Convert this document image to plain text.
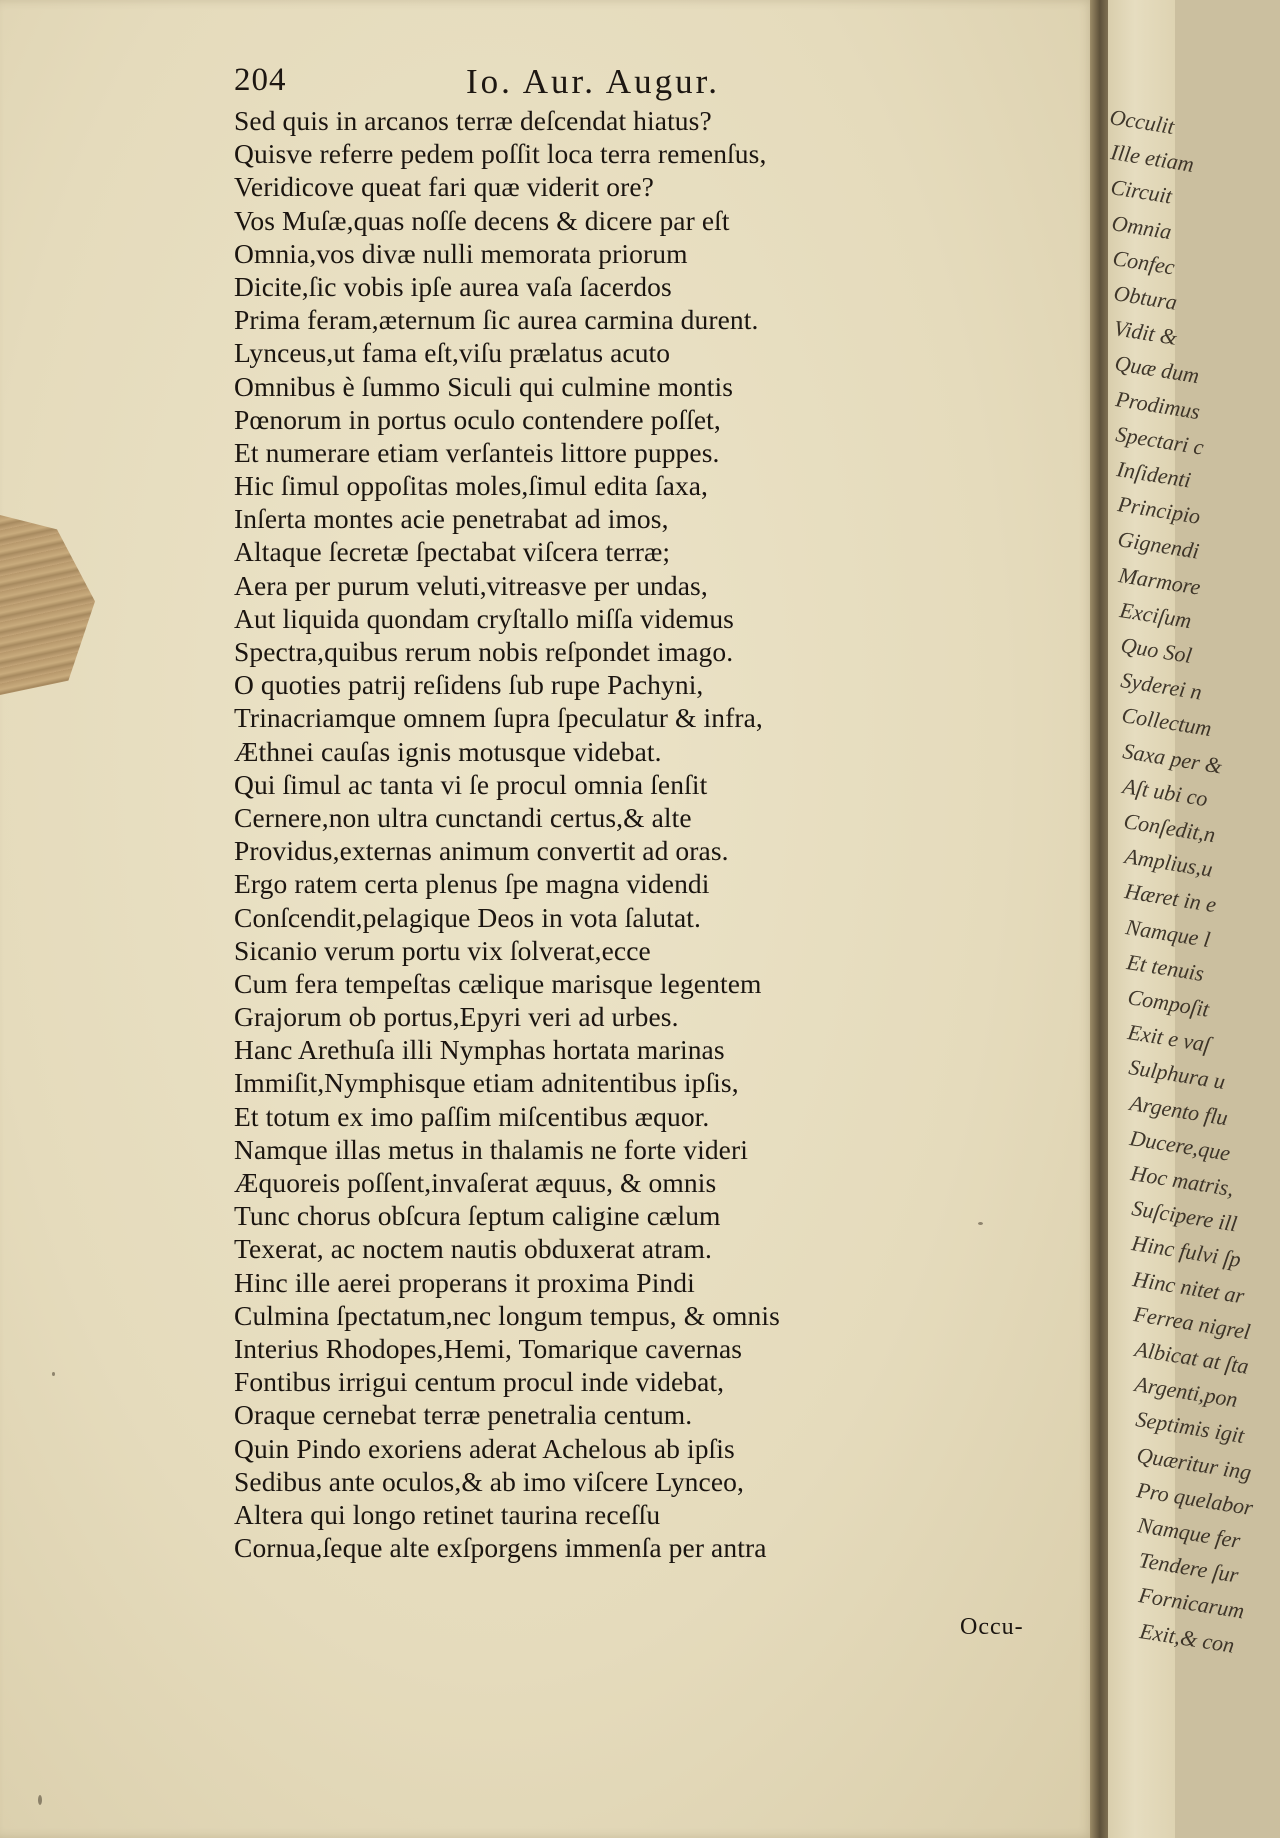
204	Io. Aur. Augur.
Sed quis in arcanos terræ deſcendat hiatus?
Quisve referre pedem poſſit loca terra remenſus,
Veridicove queat fari quæ viderit ore?
Vos Muſæ,quas noſſe decens & dicere par eſt
Omnia,vos divæ nulli memorata priorum
Dicite,ſic vobis ipſe aurea vaſa ſacerdos
Prima feram,æternum ſic aurea carmina durent.
Lynceus,ut fama eſt,viſu prælatus acuto
Omnibus è ſummo Siculi qui culmine montis
Pœnorum in portus oculo contendere poſſet,
Et numerare etiam verſanteis littore puppes.
Hic ſimul oppoſitas moles,ſimul edita ſaxa,
Inſerta montes acie penetrabat ad imos,
Altaque ſecretæ ſpectabat viſcera terræ;
Aera per purum veluti,vitreasve per undas,
Aut liquida quondam cryſtallo miſſa videmus
Spectra,quibus rerum nobis reſpondet imago.
O quoties patrij reſidens ſub rupe Pachyni,
Trinacriamque omnem ſupra ſpeculatur & infra,
Æthnei cauſas ignis motusque videbat.
Qui ſimul ac tanta vi ſe procul omnia ſenſit
Cernere,non ultra cunctandi certus,& alte
Providus,externas animum convertit ad oras.
Ergo ratem certa plenus ſpe magna videndi
Conſcendit,pelagique Deos in vota ſalutat.
Sicanio verum portu vix ſolverat,ecce
Cum fera tempeſtas cælique marisque legentem
Grajorum ob portus,Epyri veri ad urbes.
Hanc Arethuſa illi Nymphas hortata marinas
Immiſit,Nymphisque etiam adnitentibus ipſis,
Et totum ex imo paſſim miſcentibus æquor.
Namque illas metus in thalamis ne forte videri
Æquoreis poſſent,invaſerat æquus, & omnis
Tunc chorus obſcura ſeptum caligine cælum
Texerat, ac noctem nautis obduxerat atram.
Hinc ille aerei properans it proxima Pindi
Culmina ſpectatum,nec longum tempus, & omnis
Interius Rhodopes,Hemi, Tomarique cavernas
Fontibus irrigui centum procul inde videbat,
Oraque cernebat terræ penetralia centum.
Quin Pindo exoriens aderat Achelous ab ipſis
Sedibus ante oculos,& ab imo viſcere Lynceo,
Altera qui longo retinet taurina receſſu
Cornua,ſeque alte exſporgens immenſa per antra
Occu-
Occulit
Ille etiam
Circuit
Omnia
Confec
Obtura
Vidit &
Quæ dum
Prodimus
Spectari c
Inſidenti
Principio
Gignendi
Marmore
Exciſum
Quo Sol
Syderei n
Collectum
Saxa per &
Aſt ubi co
Conſedit,n
Amplius,u
Hæret in e
Namque l
Et tenuis
Compoſit
Exit e vaſ
Sulphura u
Argento flu
Ducere,que
Hoc matris,
Suſcipere ill
Hinc fulvi ſp
Hinc nitet ar
Ferrea nigrel
Albicat at ſta
Argenti,pon
Septimis igit
Quæritur ing
Pro quelabor
Namque fer
Tendere ſur
Fornicarum
Exit,& con
